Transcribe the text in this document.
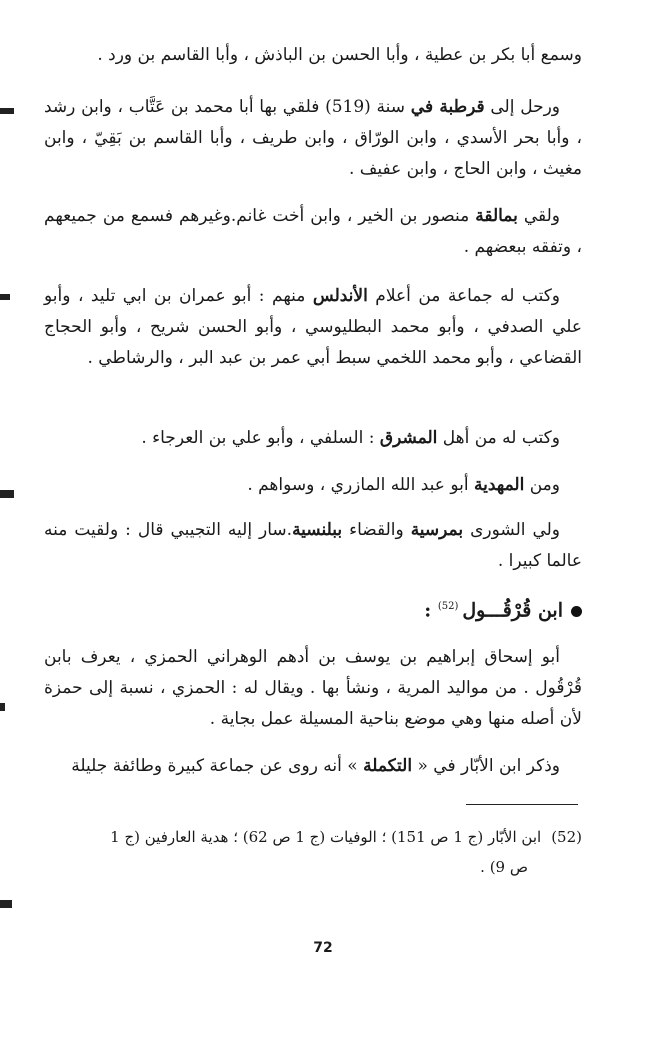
وسمع أبا بكر بن عطية ، وأبا الحسن بن الباذش ، وأبا القاسم بن ورد .
ورحل إلى قرطبة في سنة (519) فلقي بها أبا محمد بن عَتَّاب ، وابن رشد ، وأبا بحر الأسدي ، وابن الورّاق ، وابن طريف ، وأبا القاسم بن بَقِيّ ، وابن مغيث ، وابن الحاج ، وابن عفيف .
ولقي بمالقة منصور بن الخير ، وابن أخت غانم.وغيرهم فسمع من جميعهم ، وتفقه ببعضهم .
وكتب له جماعة من أعلام الأندلس منهم : أبو عمران بن ابي تليد ، وأبو علي الصدفي ، وأبو محمد البطليوسي ، وأبو الحسن شريح ، وأبو الحجاج القضاعي ، وأبو محمد اللخمي سبط أبي عمر بن عبد البر ، والرشاطي .
وكتب له من أهل المشرق : السلفي ، وأبو علي بن العرجاء .
ومن المهدية أبو عبد الله المازري ، وسواهم .
ولي الشورى بمرسية والقضاء ببلنسية.سار إليه التجيبي قال : ولقيت منه عالما كبيرا .
ابن قُرْقُـــول$^{(52)}$ :
أبو إسحاق إبراهيم بن يوسف بن أدهم الوهراني الحمزي ، يعرف بابن قُرْقُول . من مواليد المرية ، ونشأ بها . ويقال له : الحمزي ، نسبة إلى حمزة لأن أصله منها وهي موضع بناحية المسيلة عمل بجاية .
وذكر ابن الأبّار في « التكملة » أنه روى عن جماعة كبيرة وطائفة جليلة
(52)ابن الأبّار (ج 1 ص 151) ؛ الوفيات (ج 1 ص 62) ؛ هدية العارفين (ج 1
ص 9) .
72
